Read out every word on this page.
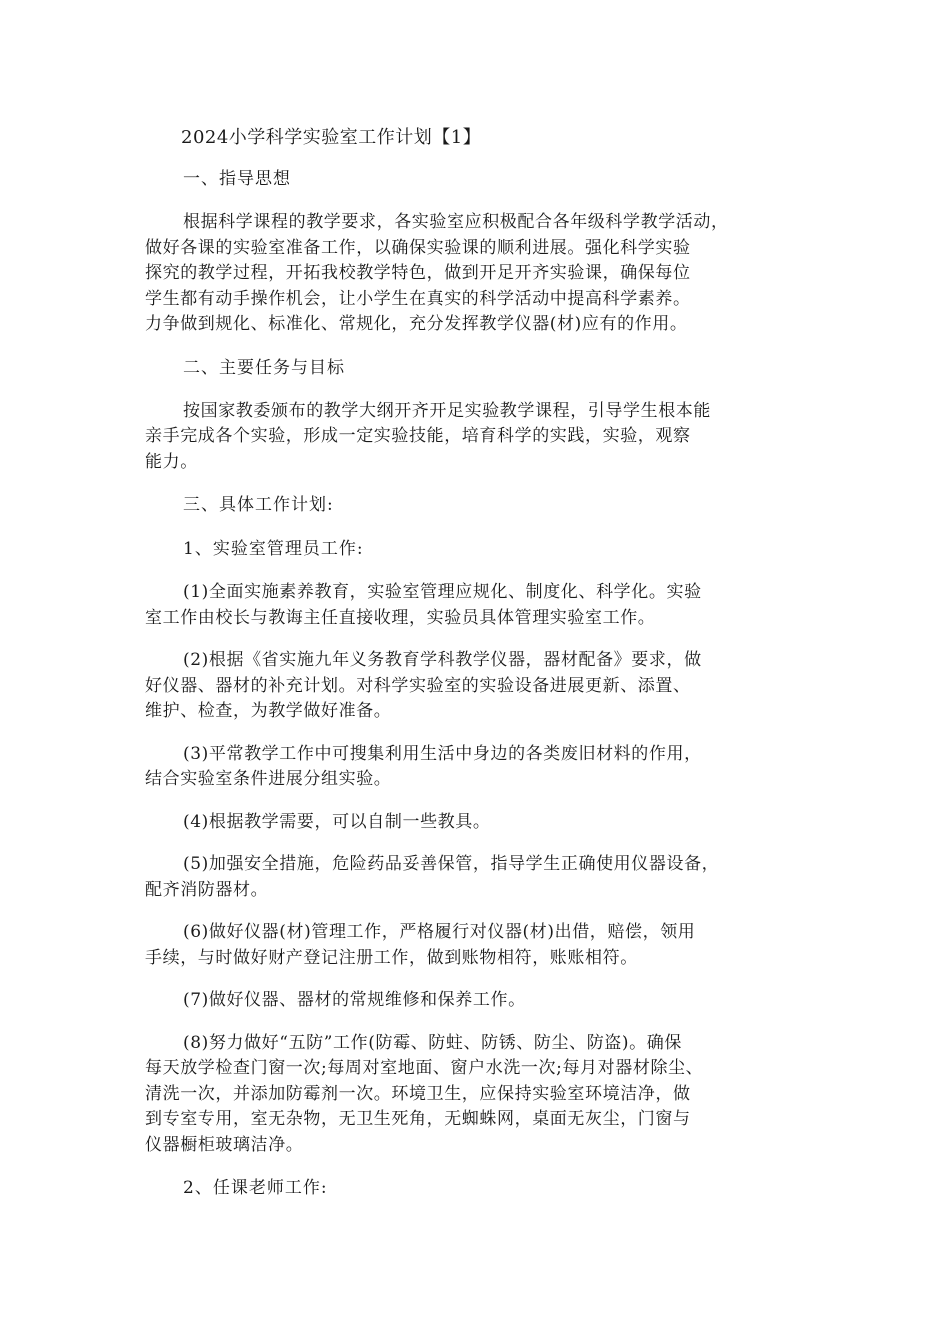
2024小学科学实验室工作计划【1】
一、指导思想
根据科学课程的教学要求，各实验室应积极配合各年级科学教学活动，
做好各课的实验室准备工作，以确保实验课的顺利进展。强化科学实验
探究的教学过程，开拓我校教学特色，做到开足开齐实验课，确保每位
学生都有动手操作机会，让小学生在真实的科学活动中提高科学素养。
力争做到规化、标准化、常规化，充分发挥教学仪器(材)应有的作用。
二、主要任务与目标
按国家教委颁布的教学大纲开齐开足实验教学课程，引导学生根本能
亲手完成各个实验，形成一定实验技能，培育科学的实践，实验，观察
能力。
三、具体工作计划:
1、实验室管理员工作:
(1)全面实施素养教育，实验室管理应规化、制度化、科学化。实验
室工作由校长与教诲主任直接收理，实验员具体管理实验室工作。
(2)根据《省实施九年义务教育学科教学仪器，器材配备》要求，做
好仪器、器材的补充计划。对科学实验室的实验设备进展更新、添置、
维护、检查，为教学做好准备。
(3)平常教学工作中可搜集利用生活中身边的各类废旧材料的作用，
结合实验室条件进展分组实验。
(4)根据教学需要，可以自制一些教具。
(5)加强安全措施，危险药品妥善保管，指导学生正确使用仪器设备，
配齐消防器材。
(6)做好仪器(材)管理工作，严格履行对仪器(材)出借，赔偿，领用
手续，与时做好财产登记注册工作，做到账物相符，账账相符。
(7)做好仪器、器材的常规维修和保养工作。
(8)努力做好“五防”工作(防霉、防蛀、防锈、防尘、防盗)。确保
每天放学检查门窗一次;每周对室地面、窗户水洗一次;每月对器材除尘、
清洗一次，并添加防霉剂一次。环境卫生，应保持实验室环境洁净，做
到专室专用，室无杂物，无卫生死角，无蜘蛛网，桌面无灰尘，门窗与
仪器橱柜玻璃洁净。
2、任课老师工作:
